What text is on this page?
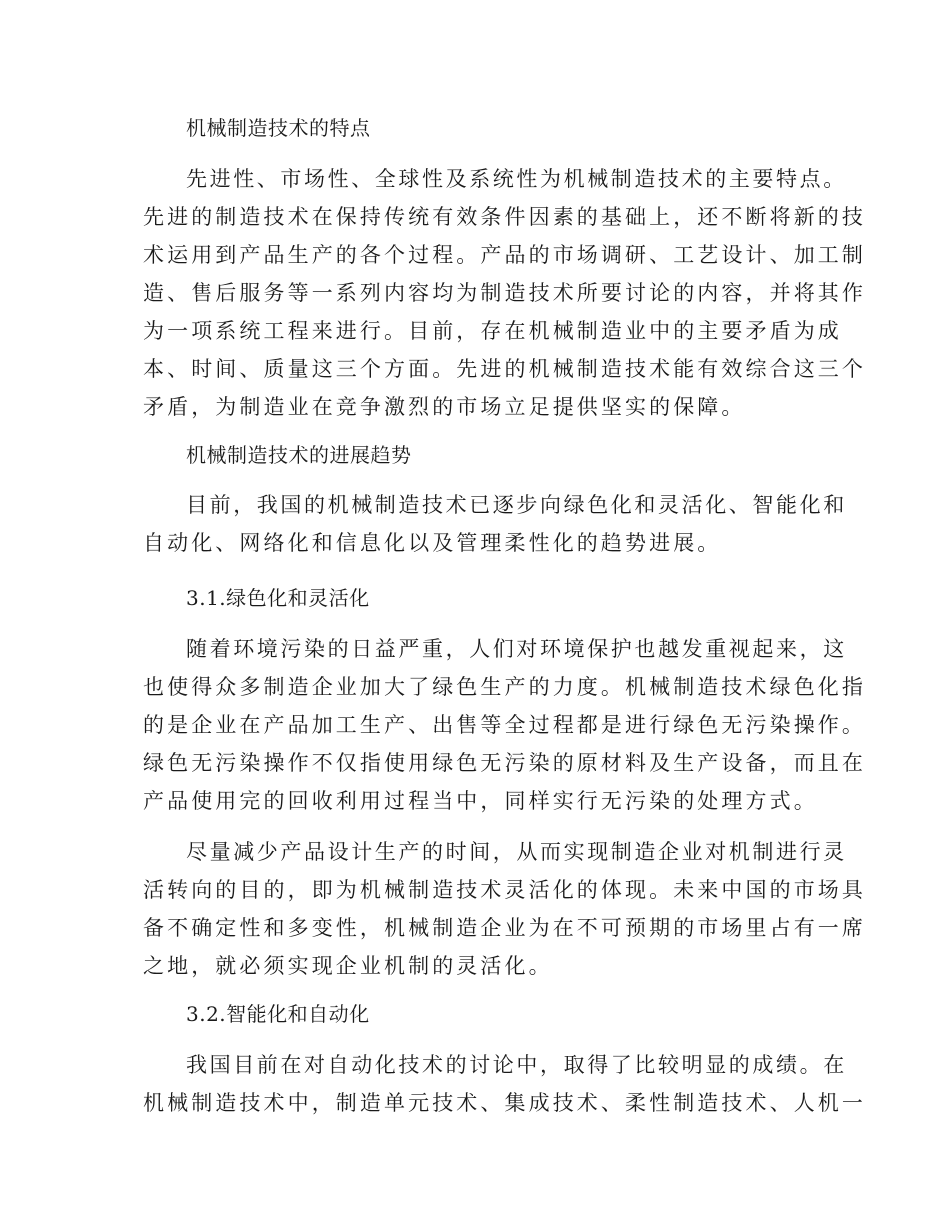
机械制造技术的特点
先进性、市场性、全球性及系统性为机械制造技术的主要特点。
先进的制造技术在保持传统有效条件因素的基础上，还不断将新的技
术运用到产品生产的各个过程。产品的市场调研、工艺设计、加工制
造、售后服务等一系列内容均为制造技术所要讨论的内容，并将其作
为一项系统工程来进行。目前，存在机械制造业中的主要矛盾为成
本、时间、质量这三个方面。先进的机械制造技术能有效综合这三个
矛盾，为制造业在竞争激烈的市场立足提供坚实的保障。
机械制造技术的进展趋势
目前，我国的机械制造技术已逐步向绿色化和灵活化、智能化和
自动化、网络化和信息化以及管理柔性化的趋势进展。
3.1.绿色化和灵活化
随着环境污染的日益严重，人们对环境保护也越发重视起来，这
也使得众多制造企业加大了绿色生产的力度。机械制造技术绿色化指
的是企业在产品加工生产、出售等全过程都是进行绿色无污染操作。
绿色无污染操作不仅指使用绿色无污染的原材料及生产设备，而且在
产品使用完的回收利用过程当中，同样实行无污染的处理方式。
尽量减少产品设计生产的时间，从而实现制造企业对机制进行灵
活转向的目的，即为机械制造技术灵活化的体现。未来中国的市场具
备不确定性和多变性，机械制造企业为在不可预期的市场里占有一席
之地，就必须实现企业机制的灵活化。
3.2.智能化和自动化
我国目前在对自动化技术的讨论中，取得了比较明显的成绩。在
机械制造技术中，制造单元技术、集成技术、柔性制造技术、人机一
